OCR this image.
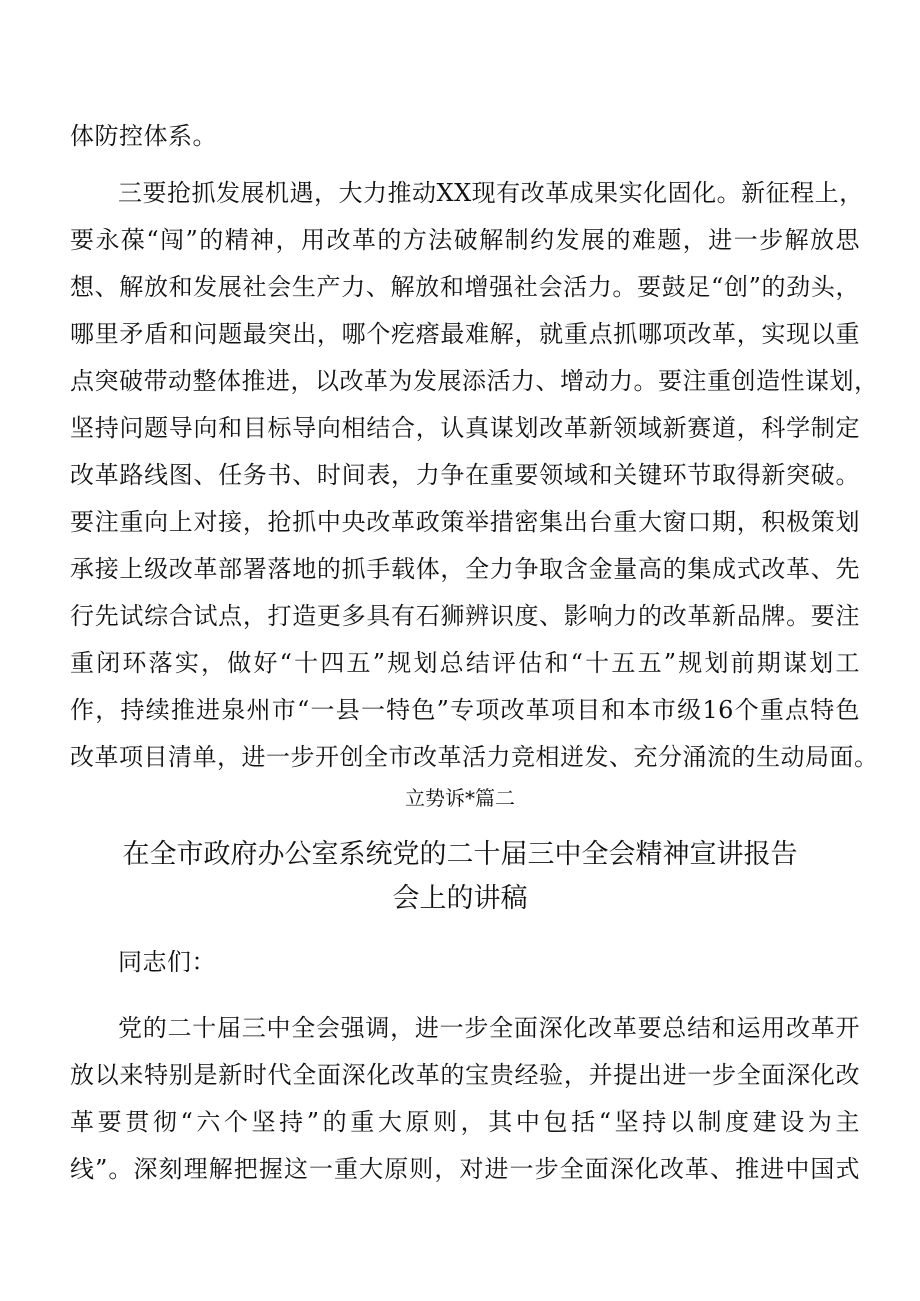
体防控体系。
三要抢抓发展机遇，大力推动XX现有改革成果实化固化。新征程上，
要永葆“闯”的精神，用改革的方法破解制约发展的难题，进一步解放思
想、解放和发展社会生产力、解放和增强社会活力。要鼓足“创”的劲头，
哪里矛盾和问题最突出，哪个疙瘩最难解，就重点抓哪项改革，实现以重
点突破带动整体推进，以改革为发展添活力、增动力。要注重创造性谋划，
坚持问题导向和目标导向相结合，认真谋划改革新领域新赛道，科学制定
改革路线图、任务书、时间表，力争在重要领域和关键环节取得新突破。
要注重向上对接，抢抓中央改革政策举措密集出台重大窗口期，积极策划
承接上级改革部署落地的抓手载体，全力争取含金量高的集成式改革、先
行先试综合试点，打造更多具有石狮辨识度、影响力的改革新品牌。要注
重闭环落实，做好“十四五”规划总结评估和“十五五”规划前期谋划工
作，持续推进泉州市“一县一特色”专项改革项目和本市级16个重点特色
改革项目清单，进一步开创全市改革活力竞相迸发、充分涌流的生动局面。
立势诉*篇二
在全市政府办公室系统党的二十届三中全会精神宣讲报告
会上的讲稿
同志们：
党的二十届三中全会强调，进一步全面深化改革要总结和运用改革开
放以来特别是新时代全面深化改革的宝贵经验，并提出进一步全面深化改
革要贯彻“六个坚持”的重大原则，其中包括“坚持以制度建设为主
线”。深刻理解把握这一重大原则，对进一步全面深化改革、推进中国式
